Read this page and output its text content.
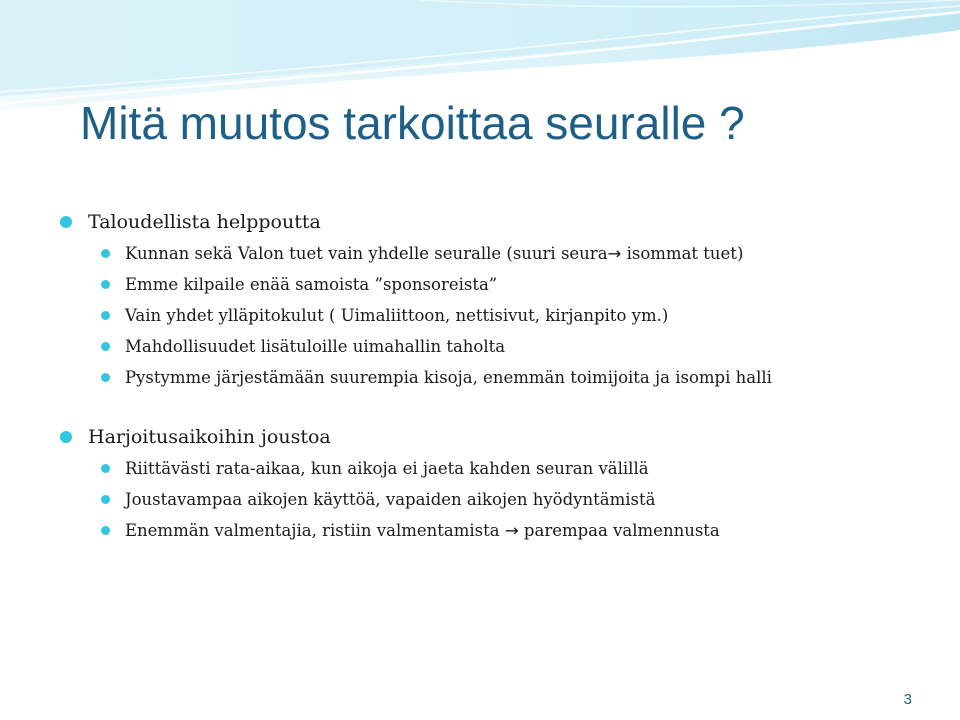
Mitä muutos tarkoittaa seuralle ?
Taloudellista helppoutta
Kunnan sekä Valon tuet vain yhdelle seuralle (suuri seura→ isommat tuet)
Emme kilpaile enää samoista ”sponsoreista”
Vain yhdet ylläpitokulut ( Uimaliittoon, nettisivut, kirjanpito ym.)
Mahdollisuudet lisätuloille uimahallin taholta
Pystymme järjestämään suurempia kisoja, enemmän toimijoita ja isompi halli
Harjoitusaikoihin joustoa
Riittävästi rata-aikaa, kun aikoja ei jaeta kahden seuran välillä
Joustavampaa aikojen käyttöä, vapaiden aikojen hyödyntämistä
Enemmän valmentajia, ristiin valmentamista → parempaa valmennusta
3
